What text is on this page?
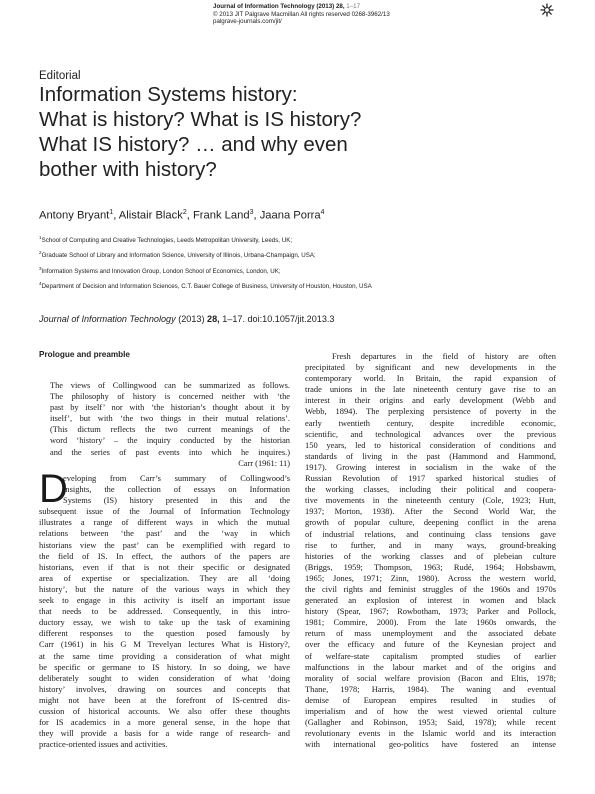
Journal of Information Technology (2013) 28, 1–17
© 2013 JIT Palgrave Macmillan All rights reserved 0268-3962/13
palgrave-journals.com/jit/
Editorial
Information Systems history:
What is history? What is IS history?
What IS history? … and why even
bother with history?
Antony Bryant$^1$, Alistair Black$^2$, Frank Land$^3$, Jaana Porra$^4$
$^1$School of Computing and Creative Technologies, Leeds Metropolitan University, Leeds, UK;
$^2$Graduate School of Library and Information Science, University of Illinois, Urbana-Champaign, USA;
$^3$Information Systems and Innovation Group, London School of Economics, London, UK;
$^4$Department of Decision and Information Sciences, C.T. Bauer College of Business, University of Houston, Houston, USA
Journal of Information Technology (2013) 28, 1–17. doi:10.1057/jit.2013.3
Prologue and preamble
The views of Collingwood can be summarized as follows.
The philosophy of history is concerned neither with ‘the
past by itself’ nor with ‘the historian’s thought about it by
itself’, but with ‘the two things in their mutual relations’.
(This dictum reflects the two current meanings of the
word ‘history’ – the inquiry conducted by the historian
and the series of past events into which he inquires.)
Carr (1961: 11)
D
eveloping from Carr’s summary of Collingwood’s
insights, the collection of essays on Information
Systems (IS) history presented in this and the
subsequent issue of the Journal of Information Technology
illustrates a range of different ways in which the mutual
relations between ‘the past’ and the ‘way in which
historians view the past’ can be exemplified with regard to
the field of IS. In effect, the authors of the papers are
historians, even if that is not their specific or designated
area of expertise or specialization. They are all ‘doing
history’, but the nature of the various ways in which they
seek to engage in this activity is itself an important issue
that needs to be addressed. Consequently, in this intro-
ductory essay, we wish to take up the task of examining
different responses to the question posed famously by
Carr (1961) in his G M Trevelyan lectures What is History?,
at the same time providing a consideration of what might
be specific or germane to IS history. In so doing, we have
deliberately sought to widen consideration of what ‘doing
history’ involves, drawing on sources and concepts that
might not have been at the forefront of IS-centred dis-
cussion of historical accounts. We also offer these thoughts
for IS academics in a more general sense, in the hope that
they will provide a basis for a wide range of research- and
practice-oriented issues and activities.
Fresh departures in the field of history are often
precipitated by significant and new developments in the
contemporary world. In Britain, the rapid expansion of
trade unions in the late nineteenth century gave rise to an
interest in their origins and early development (Webb and
Webb, 1894). The perplexing persistence of poverty in the
early twentieth century, despite incredible economic,
scientific, and technological advances over the previous
150 years, led to historical consideration of conditions and
standards of living in the past (Hammond and Hammond,
1917). Growing interest in socialism in the wake of the
Russian Revolution of 1917 sparked historical studies of
the working classes, including their political and coopera-
tive movements in the nineteenth century (Cole, 1923; Hutt,
1937; Morton, 1938). After the Second World War, the
growth of popular culture, deepening conflict in the arena
of industrial relations, and continuing class tensions gave
rise to further, and in many ways, ground-breaking
histories of the working classes and of plebeian culture
(Briggs, 1959; Thompson, 1963; Rudé, 1964; Hobsbawm,
1965; Jones, 1971; Zinn, 1980). Across the western world,
the civil rights and feminist struggles of the 1960s and 1970s
generated an explosion of interest in women and black
history (Spear, 1967; Rowbotham, 1973; Parker and Pollock,
1981; Commire, 2000). From the late 1960s onwards, the
return of mass unemployment and the associated debate
over the efficacy and future of the Keynesian project and
of welfare-state capitalism prompted studies of earlier
malfunctions in the labour market and of the origins and
morality of social welfare provision (Bacon and Eltis, 1978;
Thane, 1978; Harris, 1984). The waning and eventual
demise of European empires resulted in studies of
imperialism and of how the west viewed oriental culture
(Gallagher and Robinson, 1953; Said, 1978); while recent
revolutionary events in the Islamic world and its interaction
with international geo-politics have fostered an intense
